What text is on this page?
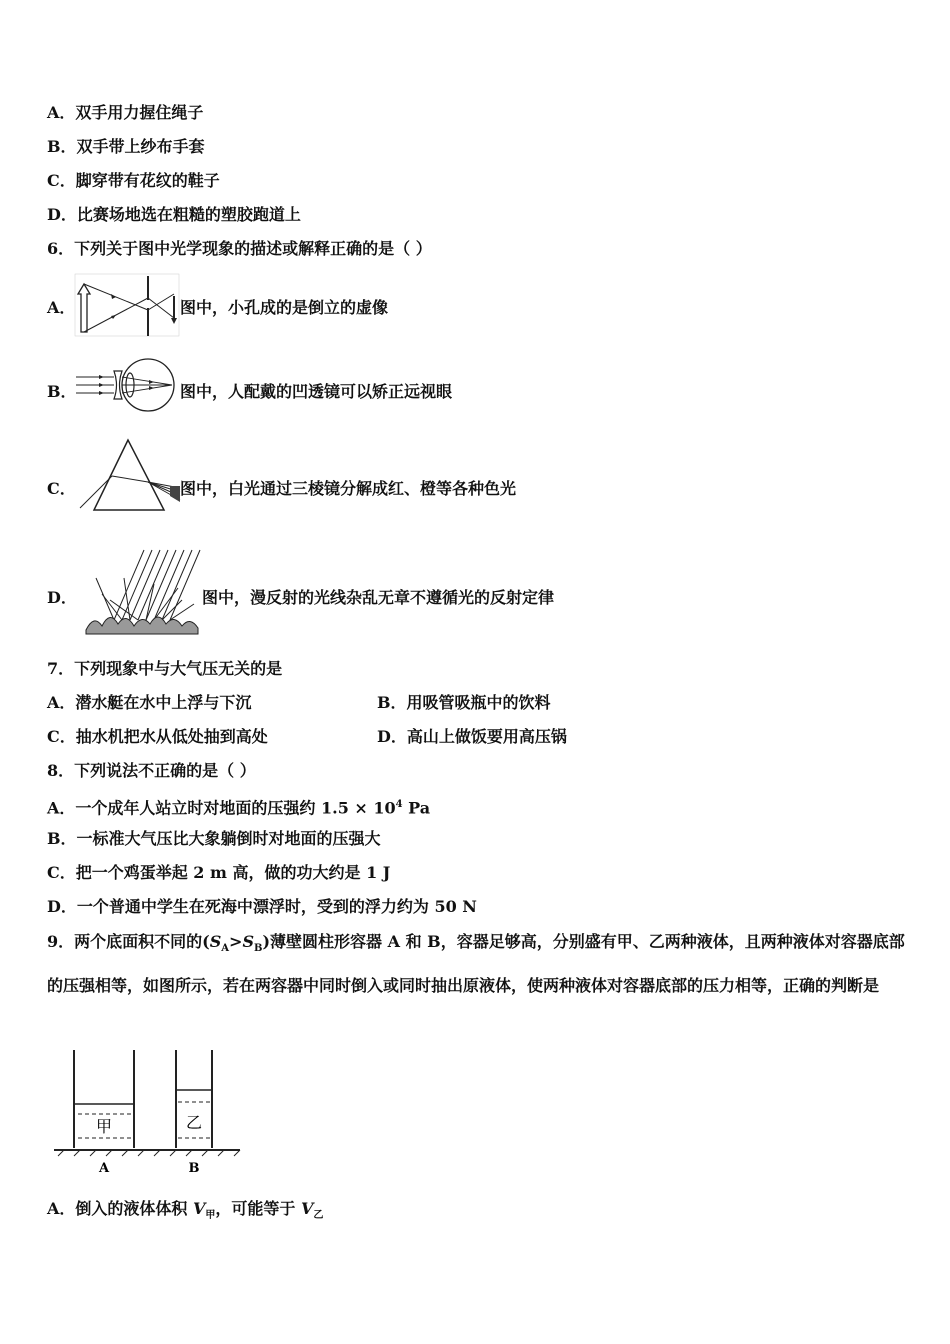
A．双手用力握住绳子
B．双手带上纱布手套
C．脚穿带有花纹的鞋子
D．比赛场地选在粗糙的塑胶跑道上
6．下列关于图中光学现象的描述或解释正确的是（ ）
A．	图中，小孔成的是倒立的虚像
B．	图中，人配戴的凹透镜可以矫正远视眼
C．	图中，白光通过三棱镜分解成红、橙等各种色光
D．	图中，漫反射的光线杂乱无章不遵循光的反射定律
7．下列现象中与大气压无关的是
A．潜水艇在水中上浮与下沉	B．用吸管吸瓶中的饮料
C．抽水机把水从低处抽到高处	D．高山上做饭要用高压锅
8．下列说法不正确的是（ ）
A．一个成年人站立时对地面的压强约 $1.5 \times 10^4$ Pa
B．一标准大气压比大象躺倒时对地面的压强大
C．把一个鸡蛋举起 2 m 高，做的功大约是 1 J
D．一个普通中学生在死海中漂浮时，受到的浮力约为 50 N
9．两个底面积不同的$(S_A>S_B)$薄壁圆柱形容器 A 和 B，容器足够高，分别盛有甲、乙两种液体，且两种液体对容器底部的压强相等，如图所示，若在两容器中同时倒入或同时抽出原液体，使两种液体对容器底部的压力相等，正确的判断是
甲	乙
A	B
A．倒入的液体体积 $V_甲$，可能等于 $V_乙$
